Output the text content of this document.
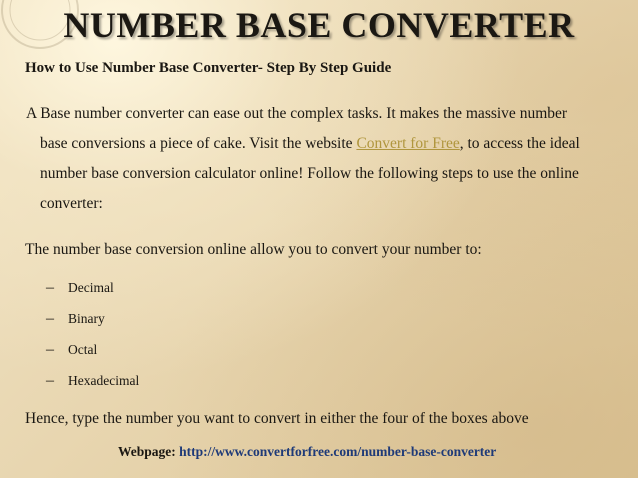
NUMBER BASE CONVERTER
How to Use Number Base Converter- Step By Step Guide
A Base number converter can ease out the complex tasks. It makes the massive number
base conversions a piece of cake. Visit the website Convert for Free, to access the ideal
number base conversion calculator online! Follow the following steps to use the online
converter:
The number base conversion online allow you to convert your number to:
–	Decimal
–	Binary
–	Octal
–	Hexadecimal
Hence, type the number you want to convert in either the four of the boxes above
Webpage: http://www.convertforfree.com/number-base-converter
